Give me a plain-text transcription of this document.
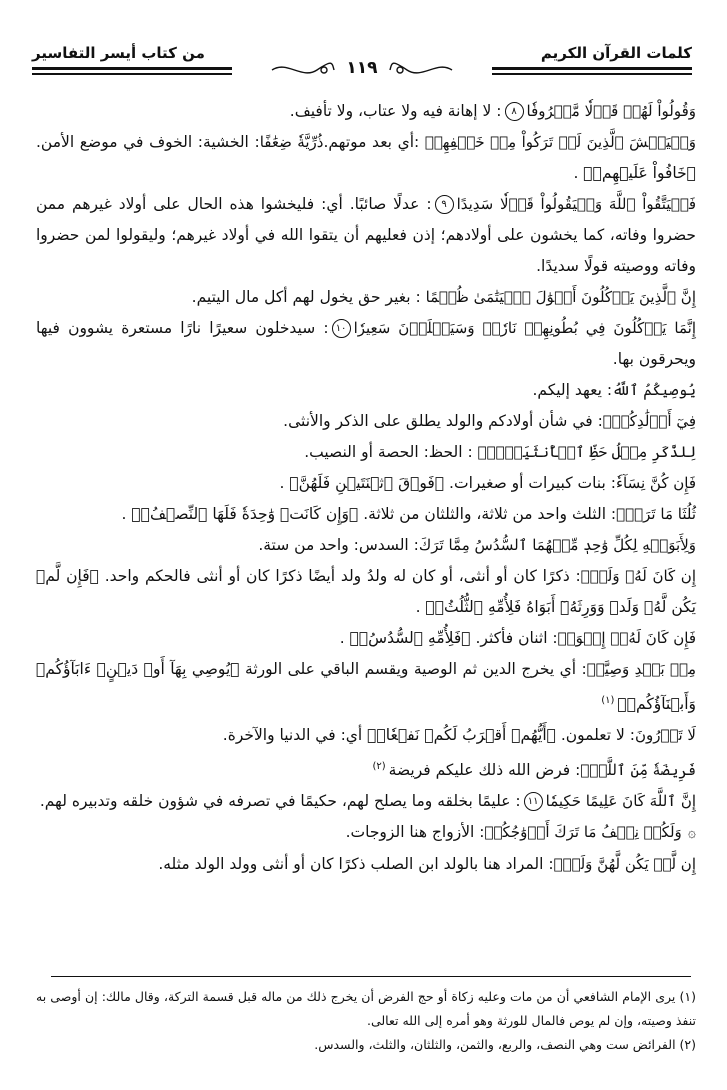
كلمات القرآن الكريم
من كتاب أيسر التفاسير
١١٩

وَقُولُواْ لَهُمۡ قَوۡلٗا مَّعۡرُوفٗا٨: لا إهانة فيه ولا عتاب، ولا تأفيف.

وَلۡيَخۡشَ ٱلَّذِينَ لَوۡ تَرَكُواْ مِنۡ خَلۡفِهِمۡ :أي بعد موتهم.ذُرِّيَّةٗ ضِعَٰفًا: الخشية: الخوف في موضع الأمن. ﴿خَافُواْ عَلَيۡهِمۡ﴾ .

فَلۡيَتَّقُواْ ٱللَّهَ وَلۡيَقُولُواْ قَوۡلٗا سَدِيدًا٩: عدلًا صائبًا. أي: فليخشوا هذه الحال على أولاد غيرهم ممن حضروا وفاته، كما يخشون على أولادهم؛ إذن فعليهم أن يتقوا الله في أولاد غيرهم؛ وليقولوا لمن حضروا وفاته ووصيته قولًا سديدًا.

إِنَّ ٱلَّذِينَ يَأۡكُلُونَ أَمۡوَٰلَ ٱلۡيَتَٰمَىٰ ظُلۡمًا : بغير حق يخول لهم أكل مال اليتيم.

إِنَّمَا يَأۡكُلُونَ فِي بُطُونِهِمۡ نَارٗاۖ وَسَيَصۡلَوۡنَ سَعِيرٗا١٠: سيدخلون سعيرًا نارًا مستعرة يشوون فيها ويحرقون بها.

يُوصِيكُمُ ٱللَّهُ: يعهد إليكم.

فِيٓ أَوۡلَٰدِكُمۡۖ: في شأن أولادكم والولد يطلق على الذكر والأنثى.

لِلذَّكَرِ مِثۡلُ حَظِّ ٱلۡأُنثَيَيۡنِۚ : الحظ: الحصة أو النصيب.

فَإِن كُنَّ نِسَآءٗ: بنات كبيرات أو صغيرات. ﴿فَوۡقَ ٱثۡنَتَيۡنِ فَلَهُنَّ﴾ .

ثُلُثَا مَا تَرَكَۖ: الثلث واحد من ثلاثة، والثلثان من ثلاثة. ﴿وَإِن كَانَتۡ وَٰحِدَةٗ فَلَهَا ٱلنِّصۡفُۚ﴾ .

وَلِأَبَوَيۡهِ لِكُلِّ وَٰحِدٖ مِّنۡهُمَا ٱلسُّدُسُ مِمَّا تَرَكَ: السدس: واحد من ستة.

إِن كَانَ لَهُۥ وَلَدٞۚ: ذكرًا كان أو أنثى، أو كان له ولدُ ولد أيضًا ذكرًا كان أو أنثى فالحكم واحد. ﴿فَإِن لَّمۡ يَكُن لَّهُۥ وَلَدٞ وَوَرِثَهُۥٓ أَبَوَاهُ فَلِأُمِّهِ ٱلثُّلُثُۚ﴾ .

فَإِن كَانَ لَهُۥٓ إِخۡوَةٞ: اثنان فأكثر. ﴿فَلِأُمِّهِ ٱلسُّدُسُۚ﴾ .

مِنۢ بَعۡدِ وَصِيَّةٖ: أي يخرج الدين ثم الوصية ويقسم الباقي على الورثة ﴿يُوصِي بِهَآ أَوۡ دَيۡنٍۗ ءَابَآؤُكُمۡ وَأَبۡنَآؤُكُمۡ﴾$^{(١)}$

لَا تَدۡرُونَ: لا تعلمون. ﴿أَيُّهُمۡ أَقۡرَبُ لَكُمۡ نَفۡعٗاۚ﴾ أي: في الدنيا والآخرة.

فَرِيضَةٗ مِّنَ ٱللَّهِۗ: فرض الله ذلك عليكم فريضة$^{(٢)}$

إِنَّ ٱللَّهَ كَانَ عَلِيمًا حَكِيمٗا١١: عليمًا بخلقه وما يصلح لهم، حكيمًا في تصرفه في شؤون خلقه وتدبيره لهم.

۞وَلَكُمۡ نِصۡفُ مَا تَرَكَ أَزۡوَٰجُكُمۡ: الأزواج هنا الزوجات.

إِن لَّمۡ يَكُن لَّهُنَّ وَلَدٞۚ: المراد هنا بالولد ابن الصلب ذكرًا كان أو أنثى وولد الولد مثله.

(١) يرى الإمام الشافعي أن من مات وعليه زكاة أو حج الفرض أن يخرج ذلك من ماله قبل قسمة التركة، وقال مالك: إن أوصى به تنفذ وصيته، وإن لم يوص فالمال للورثة وهو أمره إلى الله تعالى.

(٢) الفرائض ست وهي النصف، والربع، والثمن، والثلثان، والثلث، والسدس.
